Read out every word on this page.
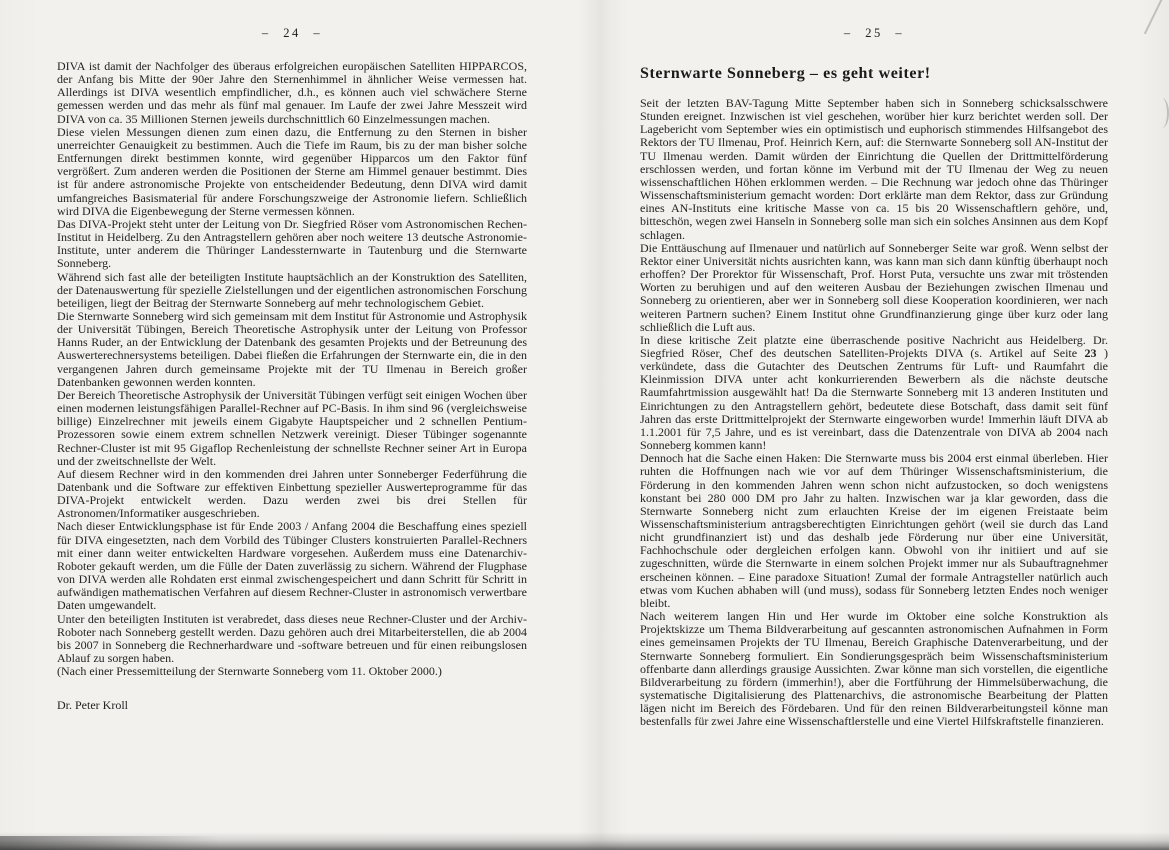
– 24 –

DIVA ist damit der Nachfolger des überaus erfolgreichen europäischen Satelliten HIPPARCOS, der Anfang bis Mitte der 90er Jahre den Sternenhimmel in ähnlicher Weise vermessen hat. Allerdings ist DIVA wesentlich empfindlicher, d.h., es können auch viel schwächere Sterne gemessen werden und das mehr als fünf mal genauer. Im Laufe der zwei Jahre Messzeit wird DIVA von ca. 35 Millionen Sternen jeweils durchschnittlich 60 Einzelmessungen machen.

Diese vielen Messungen dienen zum einen dazu, die Entfernung zu den Sternen in bisher unerreichter Genauigkeit zu bestimmen. Auch die Tiefe im Raum, bis zu der man bisher solche Entfernungen direkt bestimmen konnte, wird gegenüber Hipparcos um den Faktor fünf vergrößert. Zum anderen werden die Positionen der Sterne am Himmel genauer bestimmt. Dies ist für andere astronomische Projekte von entscheidender Bedeutung, denn DIVA wird damit umfangreiches Basismaterial für andere Forschungszweige der Astronomie liefern. Schließlich wird DIVA die Eigenbewegung der Sterne vermessen können.

Das DIVA-Projekt steht unter der Leitung von Dr. Siegfried Röser vom Astronomischen Rechen-Institut in Heidelberg. Zu den Antragstellern gehören aber noch weitere 13 deutsche Astronomie-Institute, unter anderem die Thüringer Landessternwarte in Tautenburg und die Sternwarte Sonneberg.

Während sich fast alle der beteiligten Institute hauptsächlich an der Konstruktion des Satelliten, der Datenauswertung für spezielle Zielstellungen und der eigentlichen astronomischen Forschung beteiligen, liegt der Beitrag der Sternwarte Sonneberg auf mehr technologischem Gebiet.

Die Sternwarte Sonneberg wird sich gemeinsam mit dem Institut für Astronomie und Astrophysik der Universität Tübingen, Bereich Theoretische Astrophysik unter der Leitung von Professor Hanns Ruder, an der Entwicklung der Datenbank des gesamten Projekts und der Betreunung des Auswerterechnersystems beteiligen. Dabei fließen die Erfahrungen der Sternwarte ein, die in den vergangenen Jahren durch gemeinsame Projekte mit der TU Ilmenau in Bereich großer Datenbanken gewonnen werden konnten.

Der Bereich Theoretische Astrophysik der Universität Tübingen verfügt seit einigen Wochen über einen modernen leistungsfähigen Parallel-Rechner auf PC-Basis. In ihm sind 96 (vergleichsweise billige) Einzelrechner mit jeweils einem Gigabyte Hauptspeicher und 2 schnellen Pentium-Prozessoren sowie einem extrem schnellen Netzwerk vereinigt. Dieser Tübinger sogenannte Rechner-Cluster ist mit 95 Gigaflop Rechenleistung der schnellste Rechner seiner Art in Europa und der zweitschnellste der Welt.

Auf diesem Rechner wird in den kommenden drei Jahren unter Sonneberger Federführung die Datenbank und die Software zur effektiven Einbettung spezieller Auswerteprogramme für das DIVA-Projekt entwickelt werden. Dazu werden zwei bis drei Stellen für Astronomen/Informatiker ausgeschrieben.

Nach dieser Entwicklungsphase ist für Ende 2003 / Anfang 2004 die Beschaffung eines speziell für DIVA eingesetzten, nach dem Vorbild des Tübinger Clusters konstruierten Parallel-Rechners mit einer dann weiter entwickelten Hardware vorgesehen. Außerdem muss eine Datenarchiv-Roboter gekauft werden, um die Fülle der Daten zuverlässig zu sichern. Während der Flugphase von DIVA werden alle Rohdaten erst einmal zwischengespeichert und dann Schritt für Schritt in aufwändigen mathematischen Verfahren auf diesem Rechner-Cluster in astronomisch verwertbare Daten umgewandelt.

Unter den beteiligten Instituten ist verabredet, dass dieses neue Rechner-Cluster und der Archiv-Roboter nach Sonneberg gestellt werden. Dazu gehören auch drei Mitarbeiterstellen, die ab 2004 bis 2007 in Sonneberg die Rechnerhardware und -software betreuen und für einen reibungslosen Ablauf zu sorgen haben.

(Nach einer Pressemitteilung der Sternwarte Sonneberg vom 11. Oktober 2000.)

Dr. Peter Kroll

– 25 –
Sternwarte Sonneberg – es geht weiter!

Seit der letzten BAV-Tagung Mitte September haben sich in Sonneberg schicksalsschwere Stunden ereignet. Inzwischen ist viel geschehen, worüber hier kurz berichtet werden soll. Der Lagebericht vom September wies ein optimistisch und euphorisch stimmendes Hilfsangebot des Rektors der TU Ilmenau, Prof. Heinrich Kern, auf: die Sternwarte Sonneberg soll AN-Institut der TU Ilmenau werden. Damit würden der Einrichtung die Quellen der Drittmittelförderung erschlossen werden, und fortan könne im Verbund mit der TU Ilmenau der Weg zu neuen wissenschaftlichen Höhen erklommen werden. – Die Rechnung war jedoch ohne das Thüringer Wissenschaftsministerium gemacht worden: Dort erklärte man dem Rektor, dass zur Gründung eines AN-Instituts eine kritische Masse von ca. 15 bis 20 Wissenschaftlern gehöre, und, bitteschön, wegen zwei Hanseln in Sonneberg solle man sich ein solches Ansinnen aus dem Kopf schlagen.

Die Enttäuschung auf Ilmenauer und natürlich auf Sonneberger Seite war groß. Wenn selbst der Rektor einer Universität nichts ausrichten kann, was kann man sich dann künftig überhaupt noch erhoffen? Der Prorektor für Wissenschaft, Prof. Horst Puta, versuchte uns zwar mit tröstenden Worten zu beruhigen und auf den weiteren Ausbau der Beziehungen zwischen Ilmenau und Sonneberg zu orientieren, aber wer in Sonneberg soll diese Kooperation koordinieren, wer nach weiteren Partnern suchen? Einem Institut ohne Grundfinanzierung ginge über kurz oder lang schließlich die Luft aus.

In diese kritische Zeit platzte eine überraschende positive Nachricht aus Heidelberg. Dr. Siegfried Röser, Chef des deutschen Satelliten-Projekts DIVA (s. Artikel auf Seite 23 ) verkündete, dass die Gutachter des Deutschen Zentrums für Luft- und Raumfahrt die Kleinmission DIVA unter acht konkurrierenden Bewerbern als die nächste deutsche Raumfahrtmission ausgewählt hat! Da die Sternwarte Sonneberg mit 13 anderen Instituten und Einrichtungen zu den Antragstellern gehört, bedeutete diese Botschaft, dass damit seit fünf Jahren das erste Drittmittelprojekt der Sternwarte eingeworben wurde! Immerhin läuft DIVA ab 1.1.2001 für 7,5 Jahre, und es ist vereinbart, dass die Datenzentrale von DIVA ab 2004 nach Sonneberg kommen kann!

Dennoch hat die Sache einen Haken: Die Sternwarte muss bis 2004 erst einmal überleben. Hier ruhten die Hoffnungen nach wie vor auf dem Thüringer Wissenschaftsministerium, die Förderung in den kommenden Jahren wenn schon nicht aufzustocken, so doch wenigstens konstant bei 280 000 DM pro Jahr zu halten. Inzwischen war ja klar geworden, dass die Sternwarte Sonneberg nicht zum erlauchten Kreise der im eigenen Freistaate beim Wissenschaftsministerium antragsberechtigten Einrichtungen gehört (weil sie durch das Land nicht grundfinanziert ist) und das deshalb jede Förderung nur über eine Universität, Fachhochschule oder dergleichen erfolgen kann. Obwohl von ihr initiiert und auf sie zugeschnitten, würde die Sternwarte in einem solchen Projekt immer nur als Subauftragnehmer erscheinen können. – Eine paradoxe Situation! Zumal der formale Antragsteller natürlich auch etwas vom Kuchen abhaben will (und muss), sodass für Sonneberg letzten Endes noch weniger bleibt.

Nach weiterem langen Hin und Her wurde im Oktober eine solche Konstruktion als Projektskizze um Thema Bildverarbeitung auf gescannten astronomischen Aufnahmen in Form eines gemeinsamen Projekts der TU Ilmenau, Bereich Graphische Datenverarbeitung, und der Sternwarte Sonneberg formuliert. Ein Sondierungsgespräch beim Wissenschaftsministerium offenbarte dann allerdings grausige Aussichten. Zwar könne man sich vorstellen, die eigentliche Bildverarbeitung zu fördern (immerhin!), aber die Fortführung der Himmelsüberwachung, die systematische Digitalisierung des Plattenarchivs, die astronomische Bearbeitung der Platten lägen nicht im Bereich des Fördebaren. Und für den reinen Bildverarbeitungsteil könne man bestenfalls für zwei Jahre eine Wissenschaftlerstelle und eine Viertel Hilfskraftstelle finanzieren.
